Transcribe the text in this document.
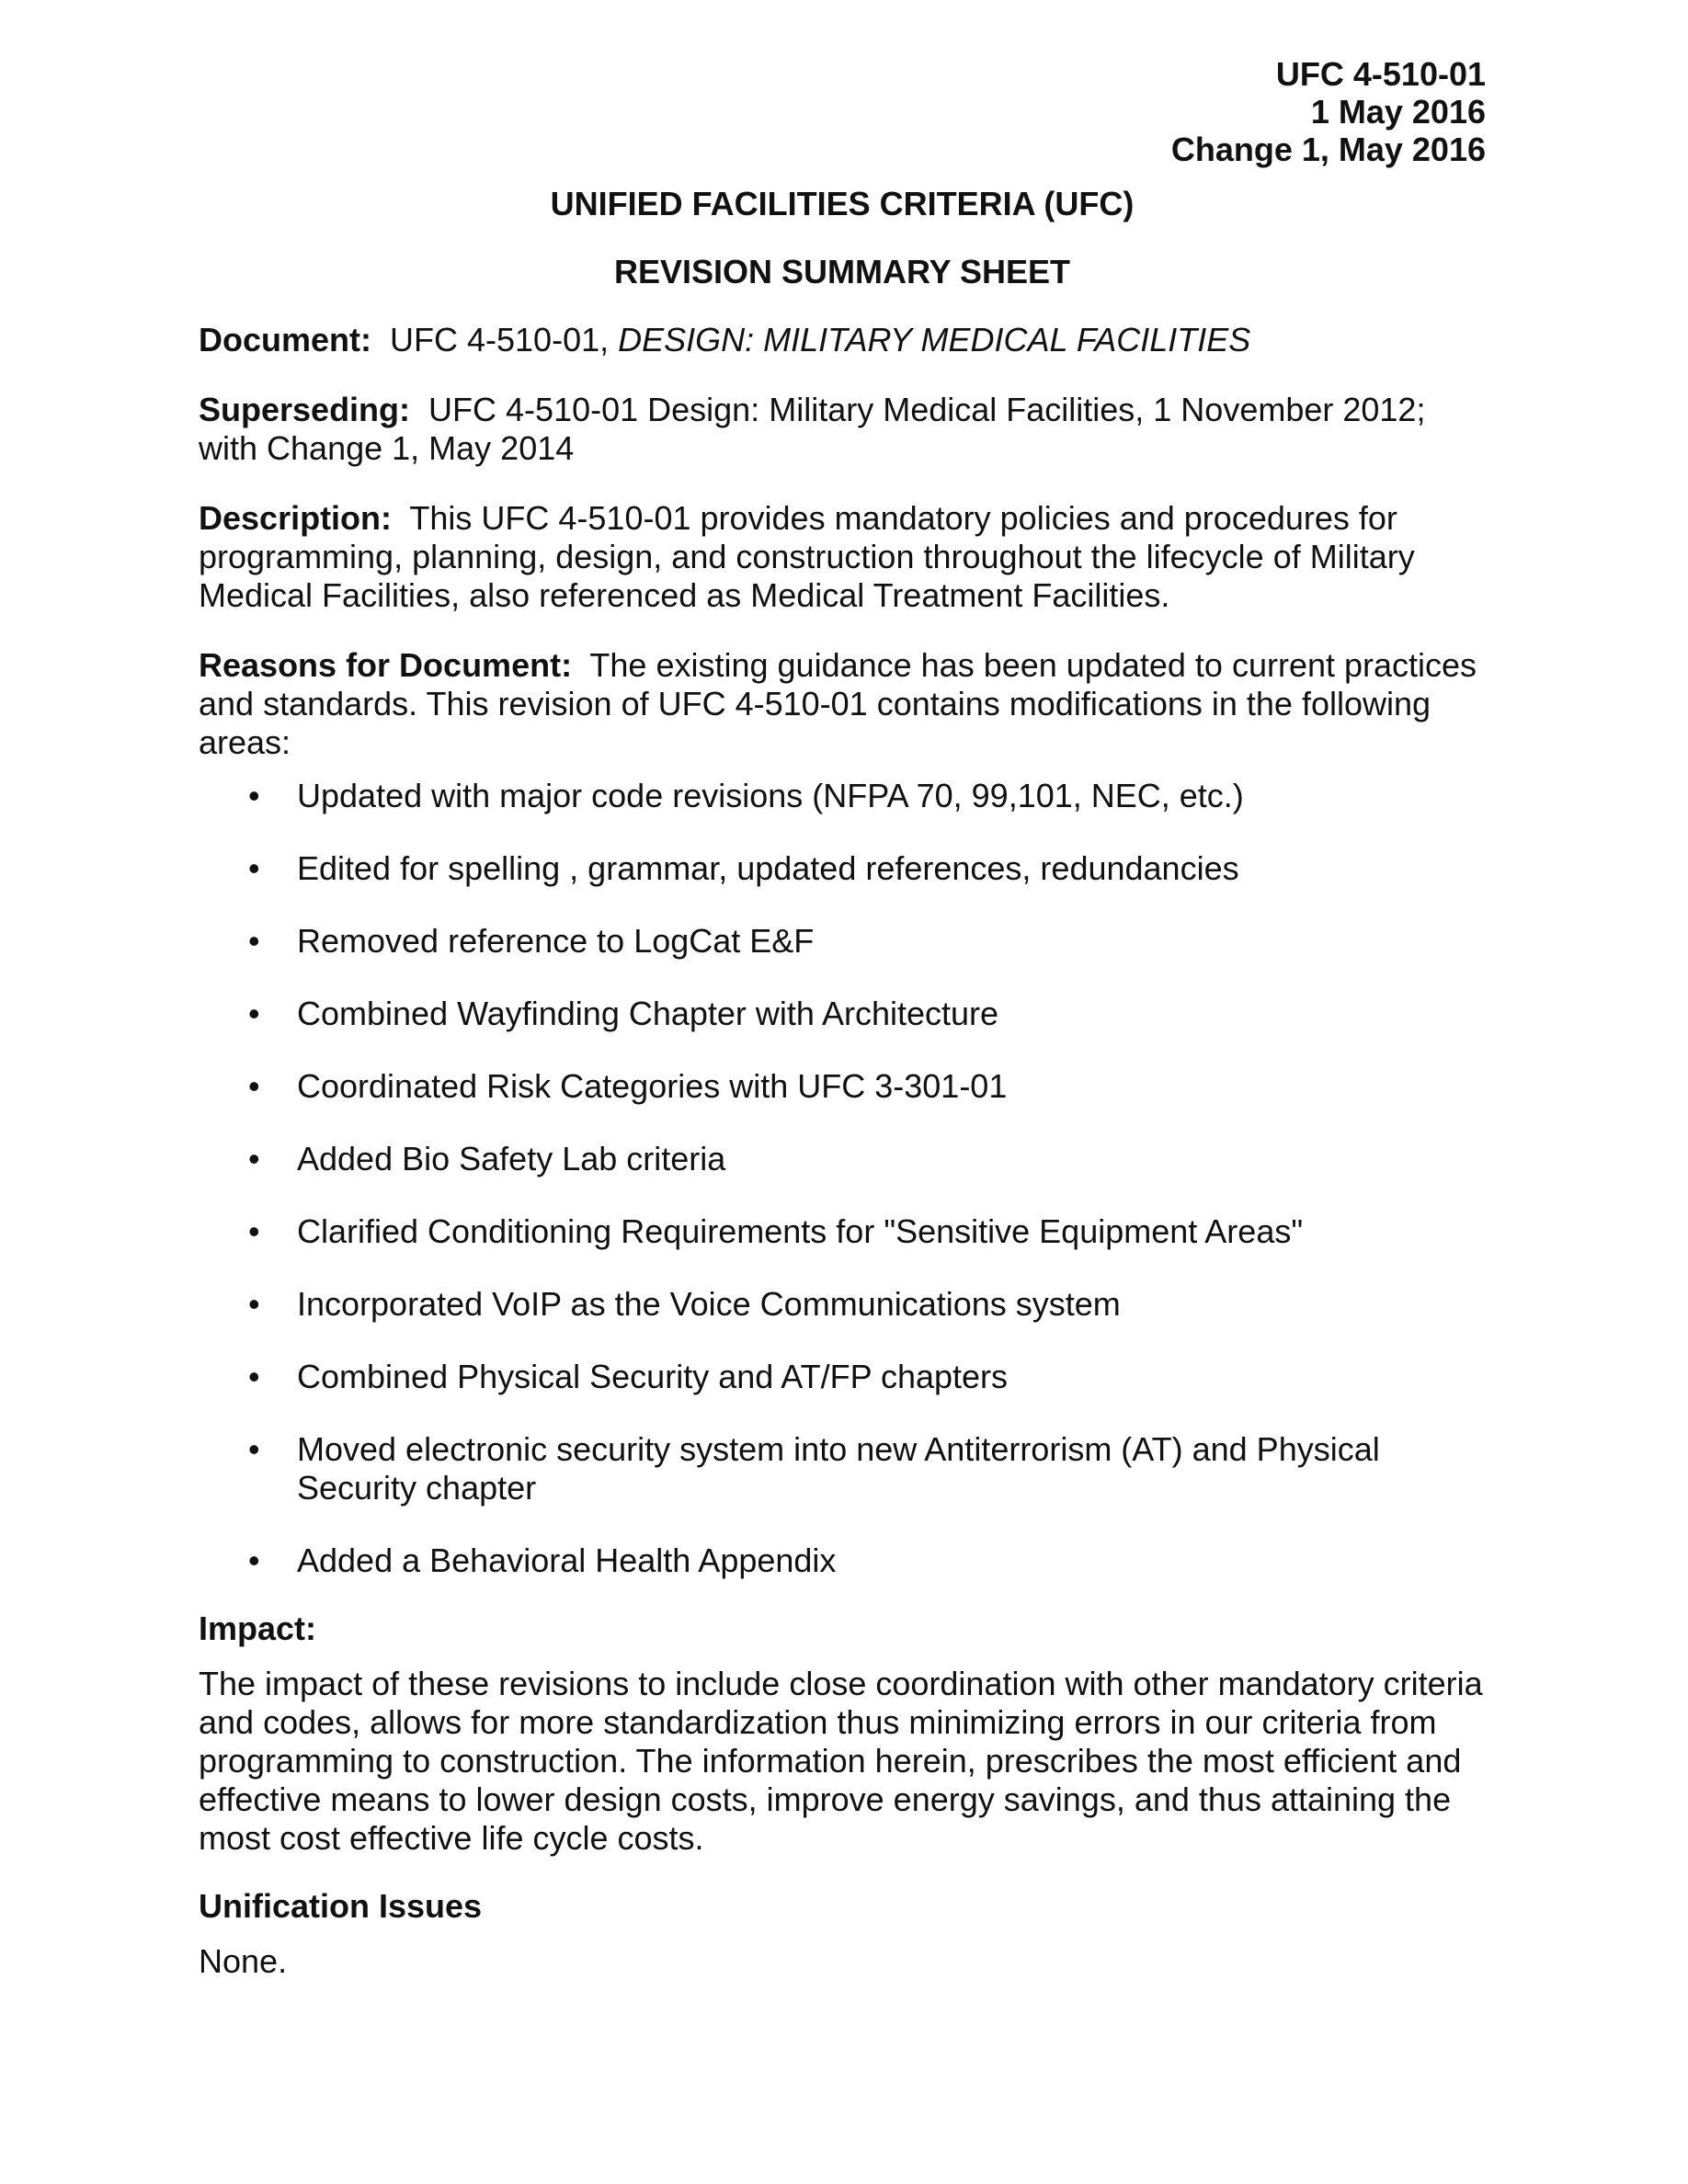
UFC 4-510-01
1 May 2016
Change 1, May 2016
UNIFIED FACILITIES CRITERIA (UFC)
REVISION SUMMARY SHEET
Document: UFC 4-510-01, DESIGN: MILITARY MEDICAL FACILITIES
Superseding: UFC 4-510-01 Design: Military Medical Facilities, 1 November 2012; with Change 1, May 2014
Description: This UFC 4-510-01 provides mandatory policies and procedures for programming, planning, design, and construction throughout the lifecycle of Military Medical Facilities, also referenced as Medical Treatment Facilities.
Reasons for Document: The existing guidance has been updated to current practices and standards. This revision of UFC 4-510-01 contains modifications in the following areas:
• Updated with major code revisions (NFPA 70, 99,101, NEC, etc.)
• Edited for spelling , grammar, updated references, redundancies
• Removed reference to LogCat E&F
• Combined Wayfinding Chapter with Architecture
• Coordinated Risk Categories with UFC 3-301-01
• Added Bio Safety Lab criteria
• Clarified Conditioning Requirements for "Sensitive Equipment Areas"
• Incorporated VoIP as the Voice Communications system
• Combined Physical Security and AT/FP chapters
• Moved electronic security system into new Antiterrorism (AT) and Physical Security chapter
• Added a Behavioral Health Appendix
Impact:
The impact of these revisions to include close coordination with other mandatory criteria and codes, allows for more standardization thus minimizing errors in our criteria from programming to construction. The information herein, prescribes the most efficient and effective means to lower design costs, improve energy savings, and thus attaining the most cost effective life cycle costs.
Unification Issues
None.
